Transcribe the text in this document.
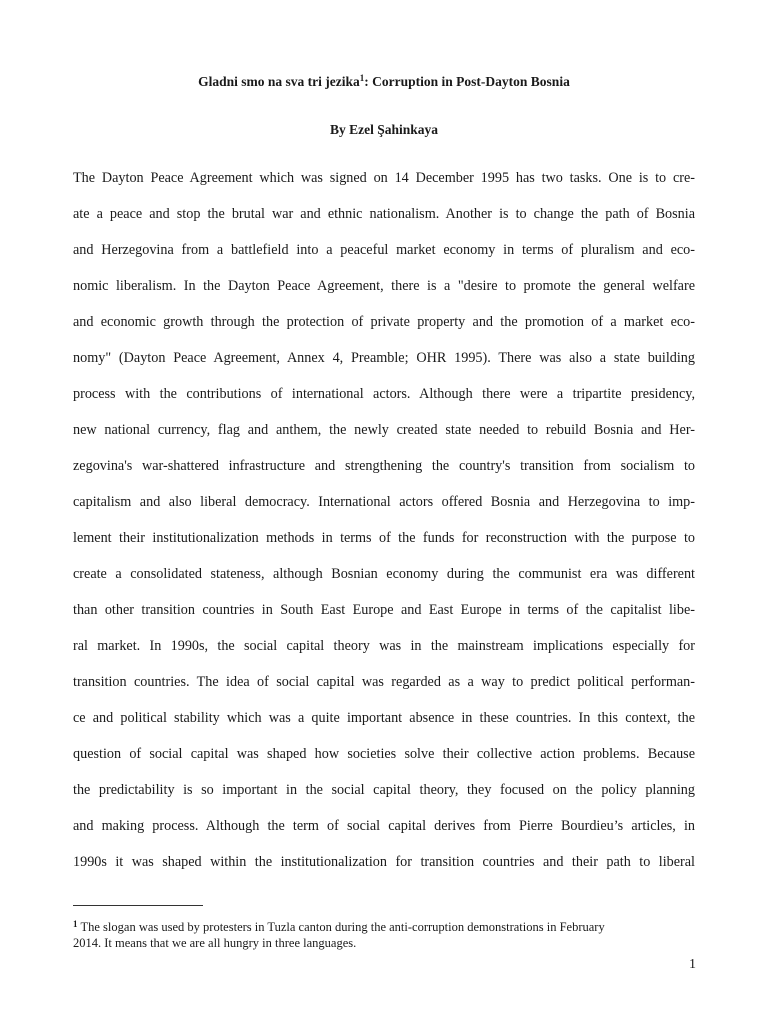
Gladni smo na sva tri jezika$^1$: Corruption in Post-Dayton Bosnia
By Ezel Şahinkaya
The Dayton Peace Agreement which was signed on 14 December 1995 has two tasks. One is to cre-
ate a peace and stop the brutal war and ethnic nationalism. Another is to change the path of Bosnia
and Herzegovina from a battlefield into a peaceful market economy in terms of pluralism and eco-
nomic liberalism. In the Dayton Peace Agreement, there is a "desire to promote the general welfare
and economic growth through the protection of private property and the promotion of a market eco-
nomy" (Dayton Peace Agreement, Annex 4, Preamble; OHR 1995). There was also a state building
process with the contributions of international actors. Although there were a tripartite presidency,
new national currency, flag and anthem, the newly created state needed to rebuild Bosnia and Her-
zegovina's war-shattered infrastructure and strengthening the country's transition from socialism to
capitalism and also liberal democracy. International actors offered Bosnia and Herzegovina to imp-
lement their institutionalization methods in terms of the funds for reconstruction with the purpose to
create a consolidated stateness, although Bosnian economy during the communist era was different
than other transition countries in South East Europe and East Europe in terms of the capitalist libe-
ral market. In 1990s, the social capital theory was in the mainstream implications especially for
transition countries. The idea of social capital was regarded as a way to predict political performan-
ce and political stability which was a quite important absence in these countries. In this context, the
question of social capital was shaped how societies solve their collective action problems. Because
the predictability is so important in the social capital theory, they focused on the policy planning
and making process. Although the term of social capital derives from Pierre Bourdieu’s articles, in
1990s it was shaped within the institutionalization for transition countries and their path to liberal
$^1$ The slogan was used by protesters in Tuzla canton during the anti-corruption demonstrations in February
2014. It means that we are all hungry in three languages.
1
